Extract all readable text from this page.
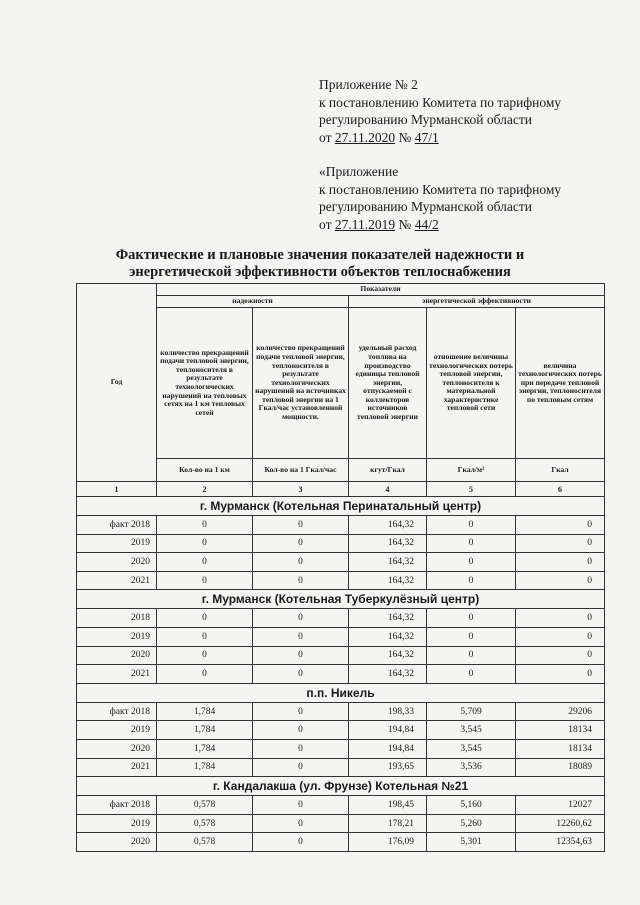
Приложение № 2
к постановлению Комитета по тарифному
регулированию Мурманской области
от 27.11.2020 № 47/1
«Приложение
к постановлению Комитета по тарифному
регулированию Мурманской области
от 27.11.2019 № 44/2
Фактические и плановые значения показателей надежности и
энергетической эффективности объектов теплоснабжения
Год	Показатели				
	надежности		энергетической эффективности		
	количество прекращений подачи тепловой энергии, теплоносителя в результате технологических нарушений на тепловых сетях на 1 км тепловых сетей	количество прекращений подачи тепловой энергии, теплоносителя в результате технологических нарушений на источниках тепловой энергии на 1 Гкал/час установленной мощности.	удельный расход топлива на производство единицы тепловой энергии, отпускаемой с коллекторов источников тепловой энергии	отношение величины технологических потерь тепловой энергии, теплоносителя к материальной характеристике тепловой сети	величина технологических потерь при передаче тепловой энергии, теплоносителя по тепловым сетям
	Кол-во на 1 км	Кол-во на 1 Гкал/час	кгут/Гкал	Гкал/м²	Гкал
1	2	3	4	5	6
г. Мурманск (Котельная Перинатальный центр)					
факт 2018	0	0	164,32	0	0
2019	0	0	164,32	0	0
2020	0	0	164,32	0	0
2021	0	0	164,32	0	0
г. Мурманск (Котельная Туберкулёзный центр)					
2018	0	0	164,32	0	0
2019	0	0	164,32	0	0
2020	0	0	164,32	0	0
2021	0	0	164,32	0	0
п.п. Никель					
факт 2018	1,784	0	198,33	5,709	29206
2019	1,784	0	194,84	3,545	18134
2020	1,784	0	194,84	3,545	18134
2021	1,784	0	193,65	3,536	18089
г. Кандалакша (ул. Фрунзе) Котельная №21					
факт 2018	0,578	0	198,45	5,160	12027
2019	0,578	0	178,21	5,260	12260,62
2020	0,578	0	176,09	5,301	12354,63
